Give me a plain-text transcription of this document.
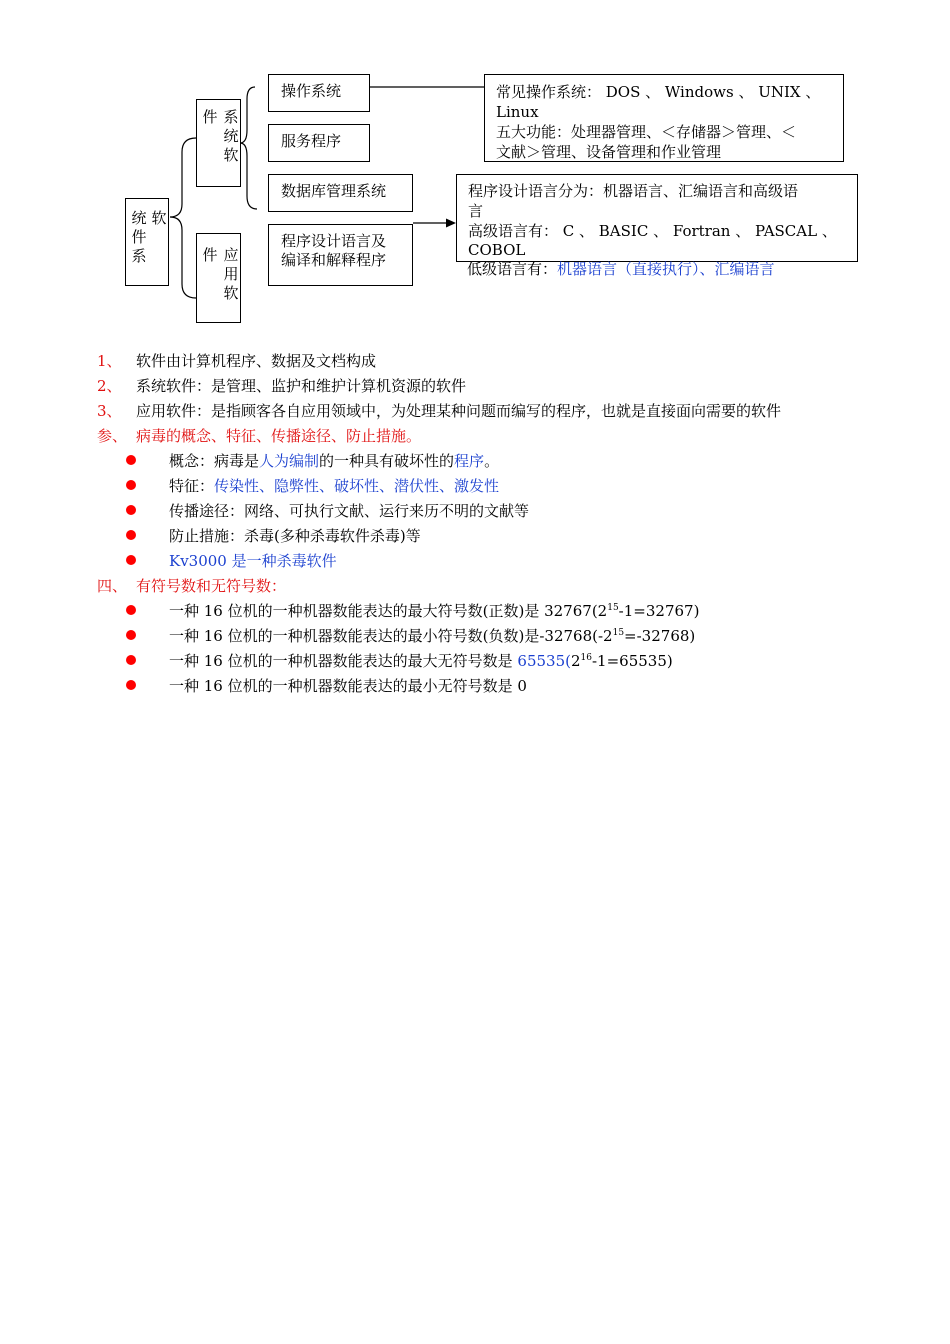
软
统件系
件 系统软
件 应用软
操作系统
服务程序
数据库管理系统
程序设计语言及
编译和解释程序
常见操作系统： DOS 、 Windows 、 UNIX 、
Linux
五大功能：处理器管理、＜存储器＞管理、＜
文献＞管理、设备管理和作业管理
程序设计语言分为：机器语言、汇编语言和高级语
言
高级语言有： C 、 BASIC 、 Fortran 、 PASCAL 、
COBOL
低级语言有：机器语言（直接执行）、汇编语言
1、 软件由计算机程序、数据及文档构成
2、 系统软件：是管理、监护和维护计算机资源的软件
3、 应用软件：是指顾客各自应用领域中，为处理某种问题而编写的程序，也就是直接面向需要的软件
参、 病毒的概念、特征、传播途径、防止措施。
概念：病毒是人为编制的一种具有破坏性的程序。
特征：传染性、隐弊性、破坏性、潜伏性、激发性
传播途径：网络、可执行文献、运行来历不明的文献等
防止措施：杀毒(多种杀毒软件杀毒)等
Kv3000 是一种杀毒软件
四、 有符号数和无符号数：
一种 16 位机的一种机器数能表达的最大符号数(正数)是 $32767(2^{15}-1=32767)$
一种 16 位机的一种机器数能表达的最小符号数(负数)是$-32768(-2^{15}=-32768)$
一种 16 位机的一种机器数能表达的最大无符号数是 $65535(2^{16}-1=65535)$
一种 16 位机的一种机器数能表达的最小无符号数是 0
